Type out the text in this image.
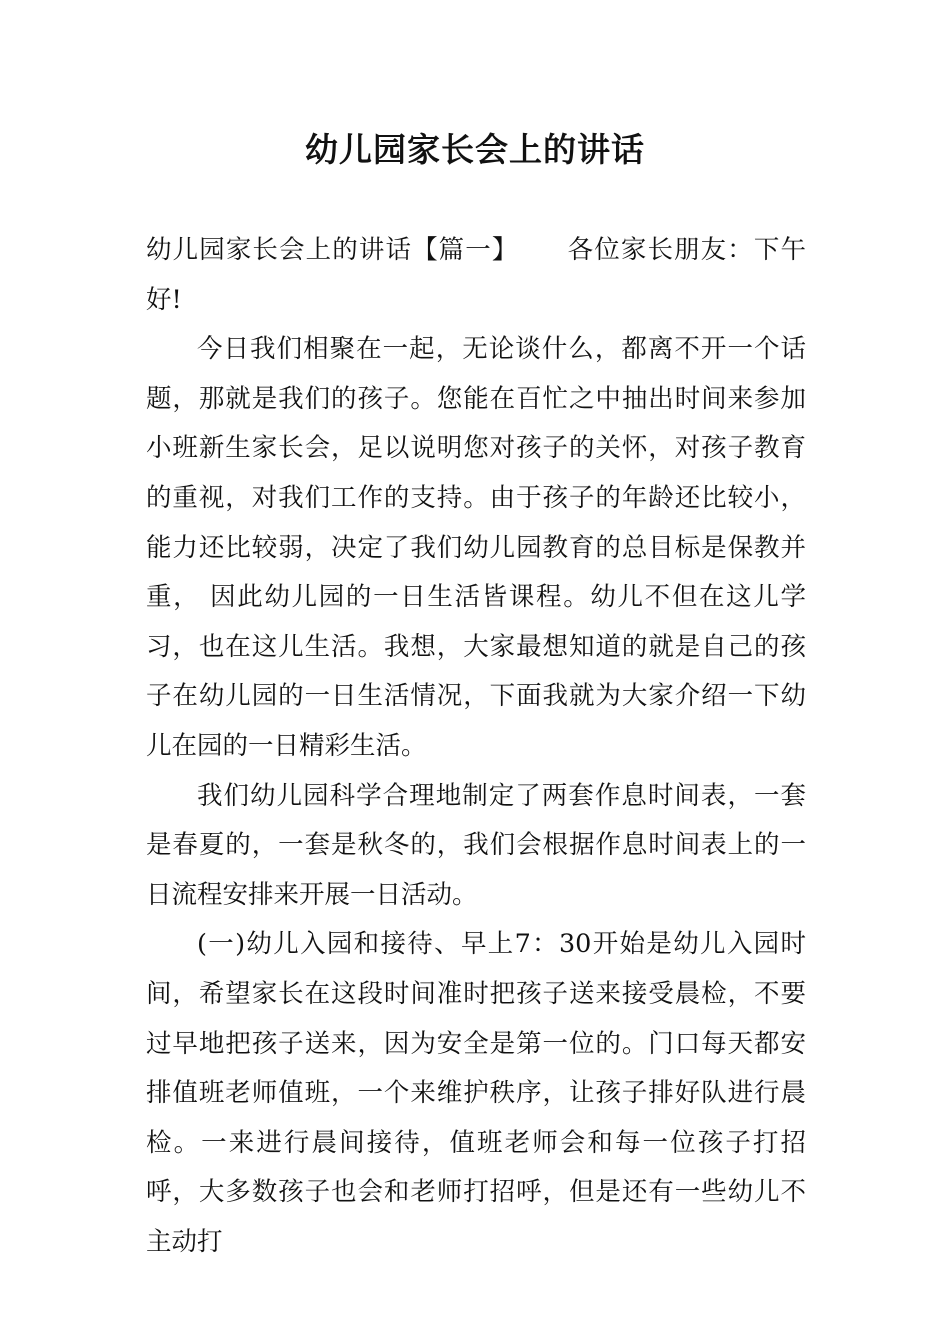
幼儿园家长会上的讲话

幼儿园家长会上的讲话【篇一】 各位家长朋友：下午好!

今日我们相聚在一起，无论谈什么，都离不开一个话题，那就是我们的孩子。您能在百忙之中抽出时间来参加小班新生家长会，足以说明您对孩子的关怀，对孩子教育的重视，对我们工作的支持。由于孩子的年龄还比较小，能力还比较弱，决定了我们幼儿园教育的总目标是保教并重， 因此幼儿园的一日生活皆课程。幼儿不但在这儿学习，也在这儿生活。我想，大家最想知道的就是自己的孩子在幼儿园的一日生活情况，下面我就为大家介绍一下幼儿在园的一日精彩生活。

我们幼儿园科学合理地制定了两套作息时间表，一套是春夏的，一套是秋冬的，我们会根据作息时间表上的一日流程安排来开展一日活动。

(一)幼儿入园和接待、早上7：30开始是幼儿入园时间，希望家长在这段时间准时把孩子送来接受晨检，不要过早地把孩子送来，因为安全是第一位的。门口每天都安排值班老师值班，一个来维护秩序，让孩子排好队进行晨检。一来进行晨间接待，值班老师会和每一位孩子打招呼，大多数孩子也会和老师打招呼，但是还有一些幼儿不主动打
